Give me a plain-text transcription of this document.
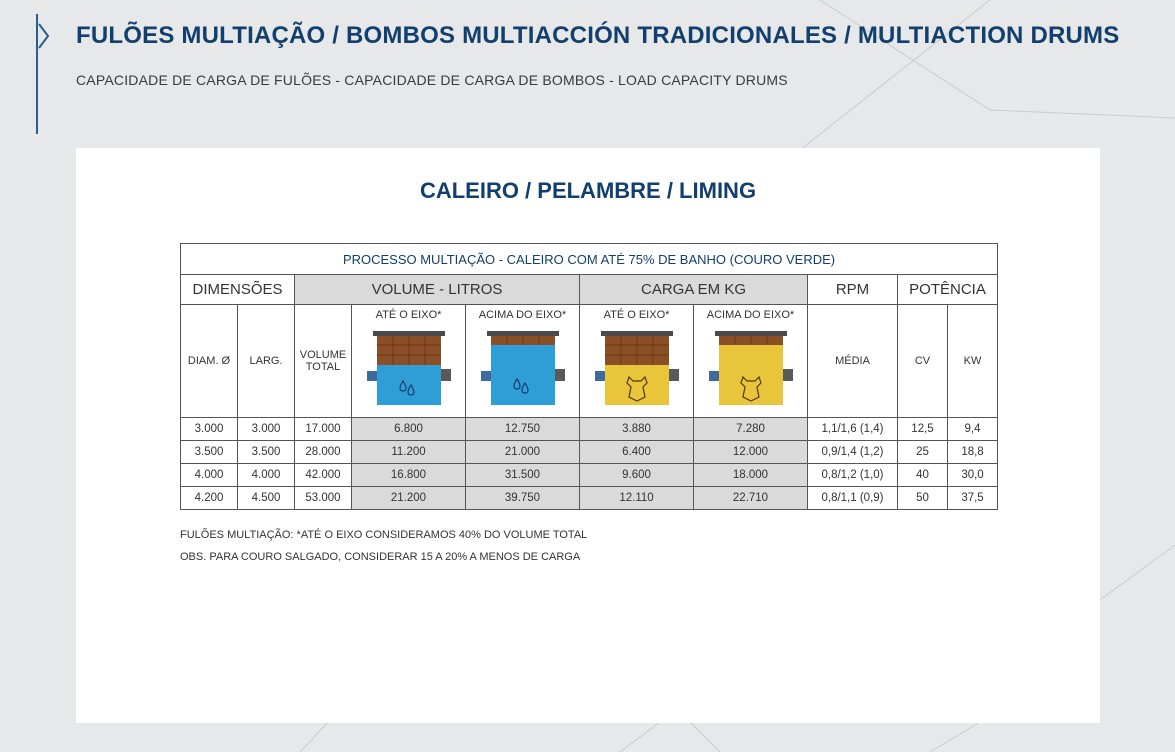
FULÕES MULTIAÇÃO / BOMBOS MULTIACCIÓN TRADICIONALES / MULTIACTION DRUMS
CAPACIDADE DE CARGA DE FULÕES - CAPACIDADE DE CARGA DE BOMBOS - LOAD CAPACITY DRUMS
CALEIRO / PELAMBRE / LIMING
PROCESSO MULTIAÇÃO - CALEIRO COM ATÉ 75% DE BANHO (COURO VERDE)									
DIMENSÕES		VOLUME - LITROS			CARGA EM KG		RPM	POTÊNCIA	
DIAM. Ø	LARG.	VOLUME TOTAL	ATÉ O EIXO*	ACIMA DO EIXO*	ATÉ O EIXO*	ACIMA DO EIXO*	MÉDIA	CV	KW
3.000	3.000	17.000	6.800	12.750	3.880	7.280	1,1/1,6 (1,4)	12,5	9,4
3.500	3.500	28.000	11.200	21.000	6.400	12.000	0,9/1,4 (1,2)	25	18,8
4.000	4.000	42.000	16.800	31.500	9.600	18.000	0,8/1,2 (1,0)	40	30,0
4.200	4.500	53.000	21.200	39.750	12.110	22.710	0,8/1,1 (0,9)	50	37,5
FULÕES MULTIAÇÃO: *ATÉ O EIXO CONSIDERAMOS 40% DO VOLUME TOTAL
OBS. PARA COURO SALGADO, CONSIDERAR 15 A 20% A MENOS DE CARGA
